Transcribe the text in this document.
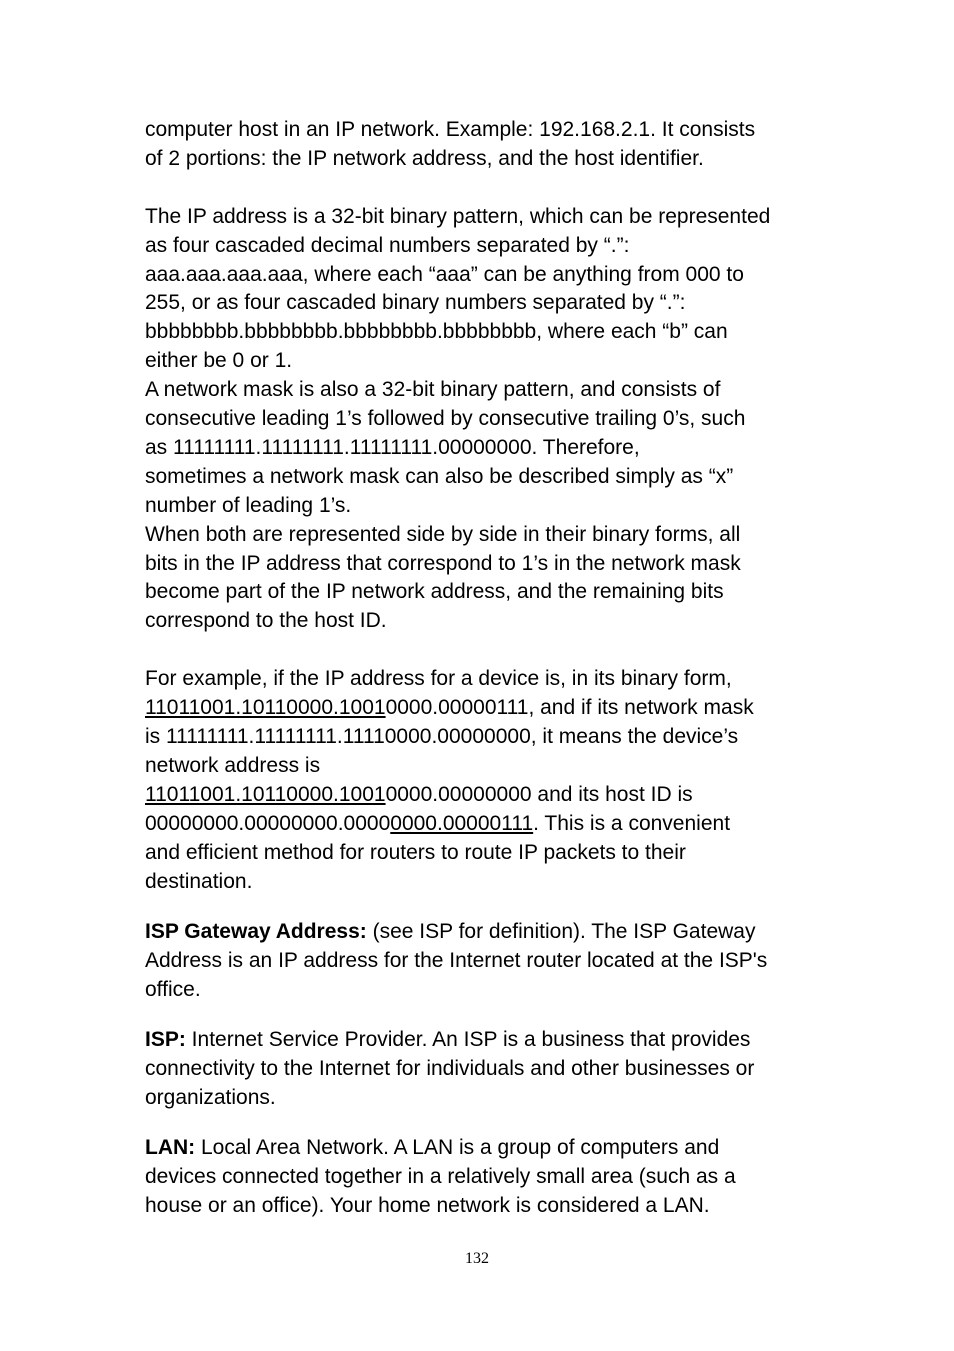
computer host in an IP network. Example: 192.168.2.1. It consists
of 2 portions: the IP network address, and the host identifier.

The IP address is a 32-bit binary pattern, which can be represented
as four cascaded decimal numbers separated by “.”:
aaa.aaa.aaa.aaa, where each “aaa” can be anything from 000 to
255, or as four cascaded binary numbers separated by “.”:
bbbbbbbb.bbbbbbbb.bbbbbbbb.bbbbbbbb, where each “b” can
either be 0 or 1.

A network mask is also a 32-bit binary pattern, and consists of
consecutive leading 1’s followed by consecutive trailing 0’s, such
as 11111111.11111111.11111111.00000000. Therefore,
sometimes a network mask can also be described simply as “x”
number of leading 1’s.

When both are represented side by side in their binary forms, all
bits in the IP address that correspond to 1’s in the network mask
become part of the IP network address, and the remaining bits
correspond to the host ID.

For example, if the IP address for a device is, in its binary form,
11011001.10110000.10010000.00000111, and if its network mask
is 11111111.11111111.11110000.00000000, it means the device’s
network address is
11011001.10110000.10010000.00000000 and its host ID is
00000000.00000000.00000000.00000111. This is a convenient
and efficient method for routers to route IP packets to their
destination.

ISP Gateway Address: (see ISP for definition). The ISP Gateway
Address is an IP address for the Internet router located at the ISP's
office.

ISP: Internet Service Provider. An ISP is a business that provides
connectivity to the Internet for individuals and other businesses or
organizations.

LAN: Local Area Network. A LAN is a group of computers and
devices connected together in a relatively small area (such as a
house or an office). Your home network is considered a LAN.

132
